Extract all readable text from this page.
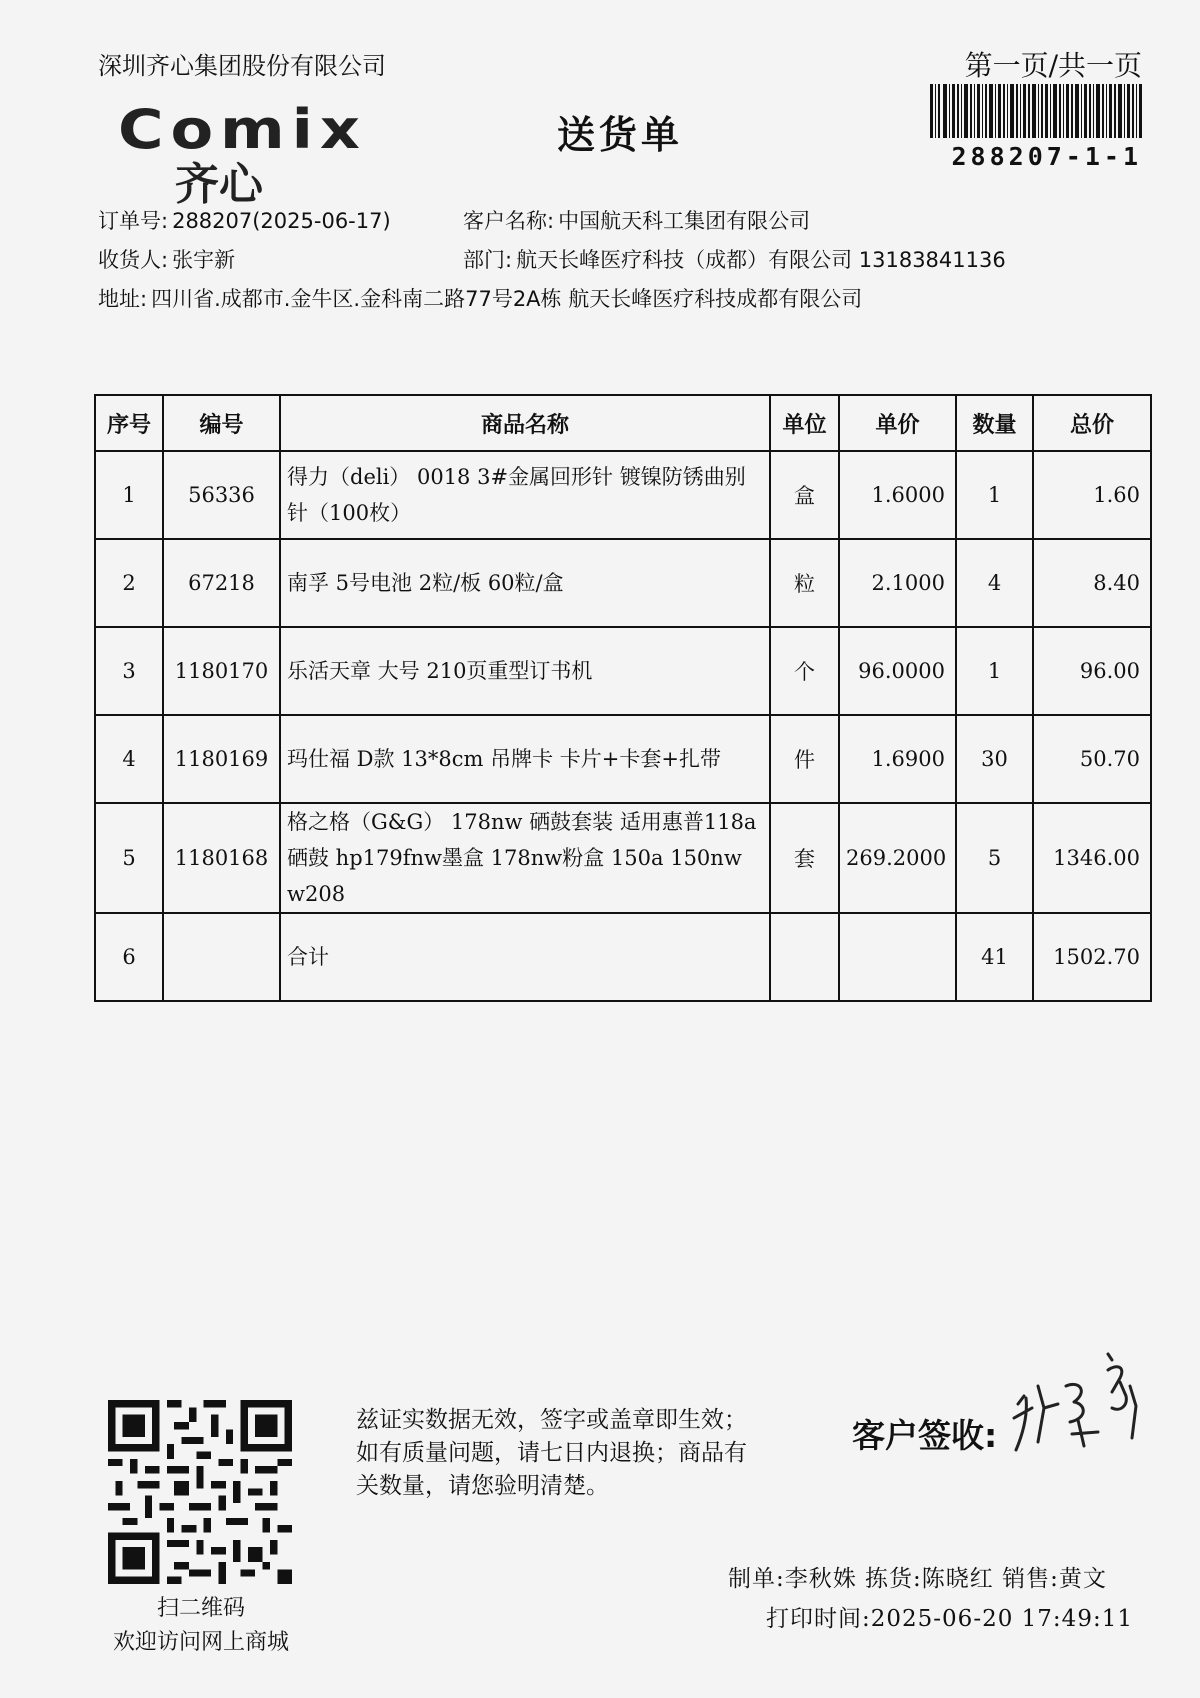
深圳齐心集团股份有限公司	第一页/共一页
288207-1-1
Comix
齐心
送货单
订单号: 288207(2025-06-17)	客户名称: 中国航天科工集团有限公司
收货人: 张宇新	部门: 航天长峰医疗科技（成都）有限公司 13183841136
地址: 四川省.成都市.金牛区.金科南二路77号2A栋 航天长峰医疗科技成都有限公司
序号	编号	商品名称	单位	单价	数量	总价
1	56336	得力（deli） 0018 3#金属回形针 镀镍防锈曲别针（100枚）	盒	1.6000	1	1.60
2	67218	南孚 5号电池 2粒/板 60粒/盒	粒	2.1000	4	8.40
3	1180170	乐活天章 大号 210页重型订书机	个	96.0000	1	96.00
4	1180169	玛仕福 D款 13*8cm 吊牌卡 卡片+卡套+扎带	件	1.6900	30	50.70
5	1180168	格之格（G&G） 178nw 硒鼓套装 适用惠普118a硒鼓 hp179fnw墨盒 178nw粉盒 150a 150nw w208	套	269.2000	5	1346.00
6		合计			41	1502.70
扫二维码
欢迎访问网上商城
兹证实数据无效，签字或盖章即生效；如有质量问题，请七日内退换；商品有关数量，请您验明清楚。
客户签收:
制单:李秋姝 拣货:陈晓红 销售:黄文
打印时间:2025-06-20 17:49:11
